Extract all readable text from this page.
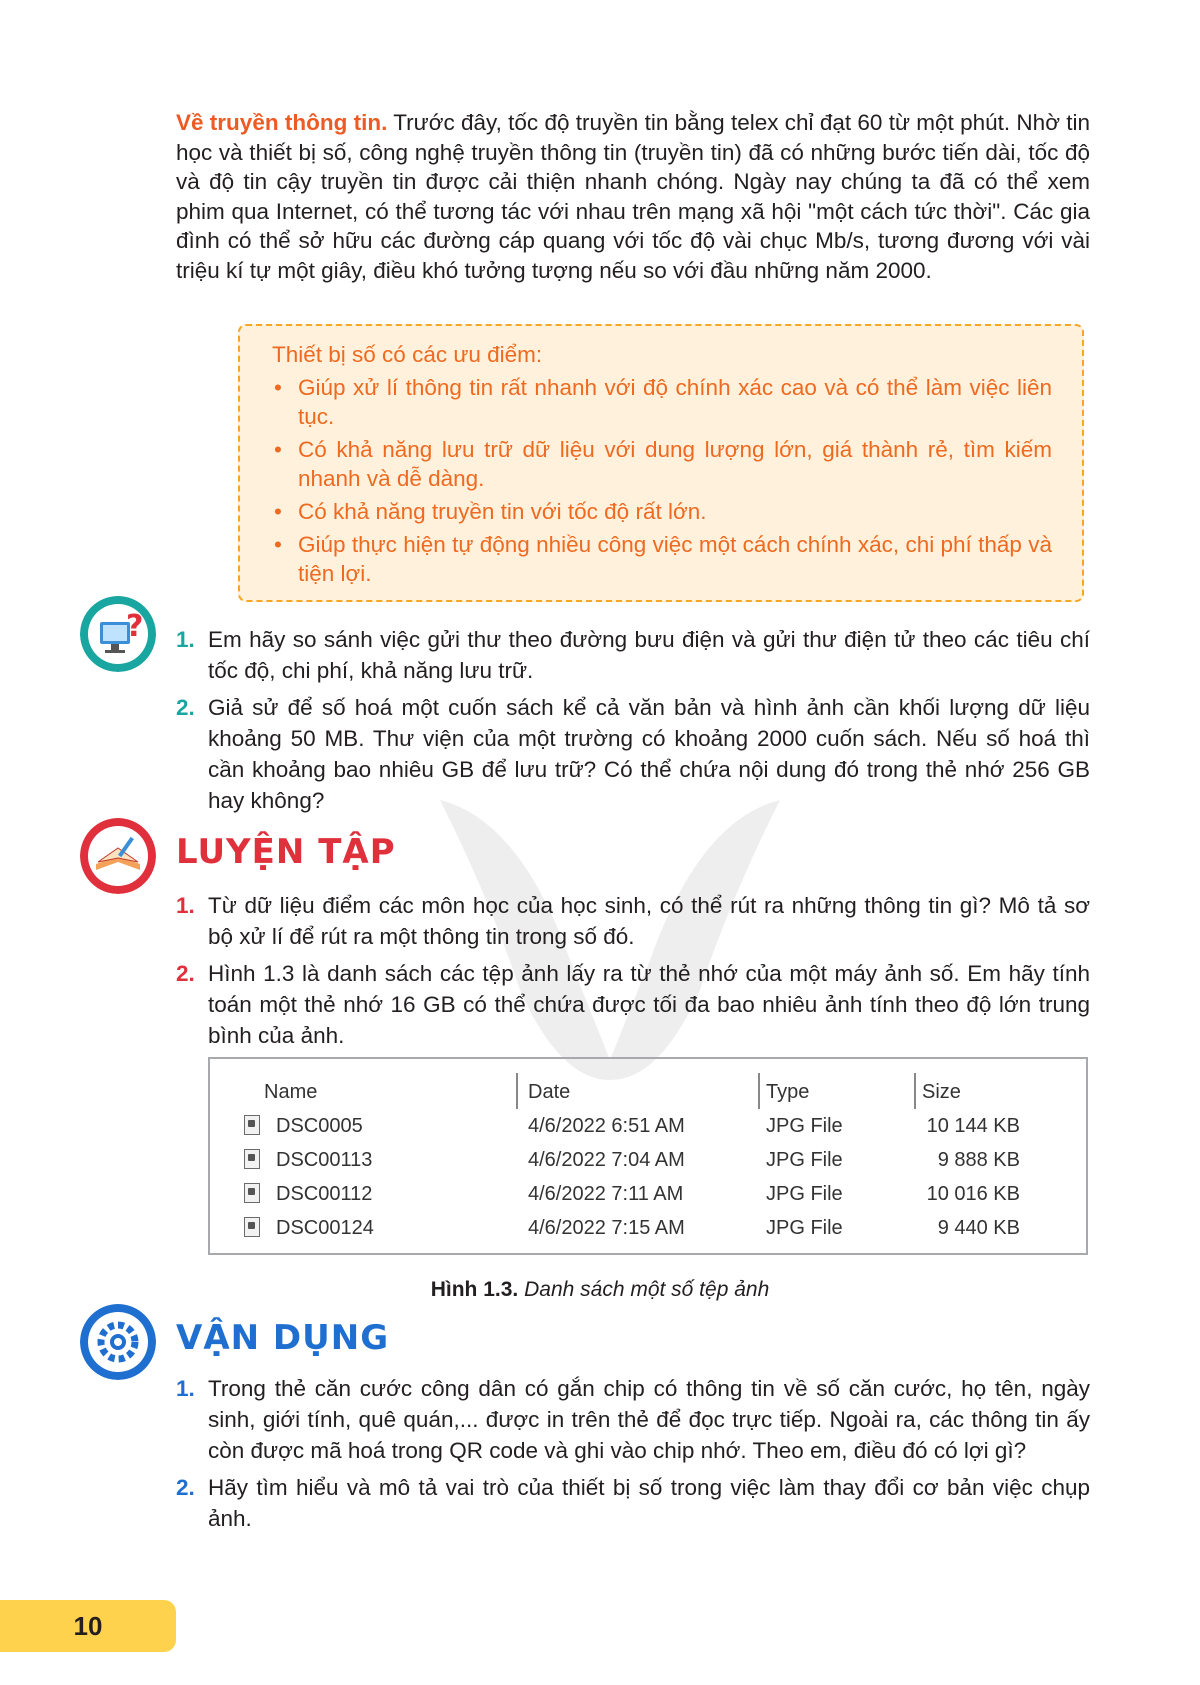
Về truyền thông tin. Trước đây, tốc độ truyền tin bằng telex chỉ đạt 60 từ một phút. Nhờ tin học và thiết bị số, công nghệ truyền thông tin (truyền tin) đã có những bước tiến dài, tốc độ và độ tin cậy truyền tin được cải thiện nhanh chóng. Ngày nay chúng ta đã có thể xem phim qua Internet, có thể tương tác với nhau trên mạng xã hội "một cách tức thời". Các gia đình có thể sở hữu các đường cáp quang với tốc độ vài chục Mb/s, tương đương với vài triệu kí tự một giây, điều khó tưởng tượng nếu so với đầu những năm 2000.

Thiết bị số có các ưu điểm:

• Giúp xử lí thông tin rất nhanh với độ chính xác cao và có thể làm việc liên tục.
• Có khả năng lưu trữ dữ liệu với dung lượng lớn, giá thành rẻ, tìm kiếm nhanh và dễ dàng.
• Có khả năng truyền tin với tốc độ rất lớn.
• Giúp thực hiện tự động nhiều công việc một cách chính xác, chi phí thấp và tiện lợi.
? 1. Em hãy so sánh việc gửi thư theo đường bưu điện và gửi thư điện tử theo các tiêu chí tốc độ, chi phí, khả năng lưu trữ.
2. Giả sử để số hoá một cuốn sách kể cả văn bản và hình ảnh cần khối lượng dữ liệu khoảng 50 MB. Thư viện của một trường có khoảng 2000 cuốn sách. Nếu số hoá thì cần khoảng bao nhiêu GB để lưu trữ? Có thể chứa nội dung đó trong thẻ nhớ 256 GB hay không?
LUYỆN TẬP
1. Từ dữ liệu điểm các môn học của học sinh, có thể rút ra những thông tin gì? Mô tả sơ bộ xử lí để rút ra một thông tin trong số đó.
2. Hình 1.3 là danh sách các tệp ảnh lấy ra từ thẻ nhớ của một máy ảnh số. Em hãy tính toán một thẻ nhớ 16 GB có thể chứa được tối đa bao nhiêu ảnh tính theo độ lớn trung bình của ảnh.
Name	Date	Type	Size
DSC0005	4/6/2022 6:51 AM	JPG File	10 144 KB
DSC00113	4/6/2022 7:04 AM	JPG File	9 888 KB
DSC00112	4/6/2022 7:11 AM	JPG File	10 016 KB
DSC00124	4/6/2022 7:15 AM	JPG File	9 440 KB
Hình 1.3. Danh sách một số tệp ảnh
VẬN DỤNG
1. Trong thẻ căn cước công dân có gắn chip có thông tin về số căn cước, họ tên, ngày sinh, giới tính, quê quán,... được in trên thẻ để đọc trực tiếp. Ngoài ra, các thông tin ấy còn được mã hoá trong QR code và ghi vào chip nhớ. Theo em, điều đó có lợi gì?
2. Hãy tìm hiểu và mô tả vai trò của thiết bị số trong việc làm thay đổi cơ bản việc chụp ảnh.
10
